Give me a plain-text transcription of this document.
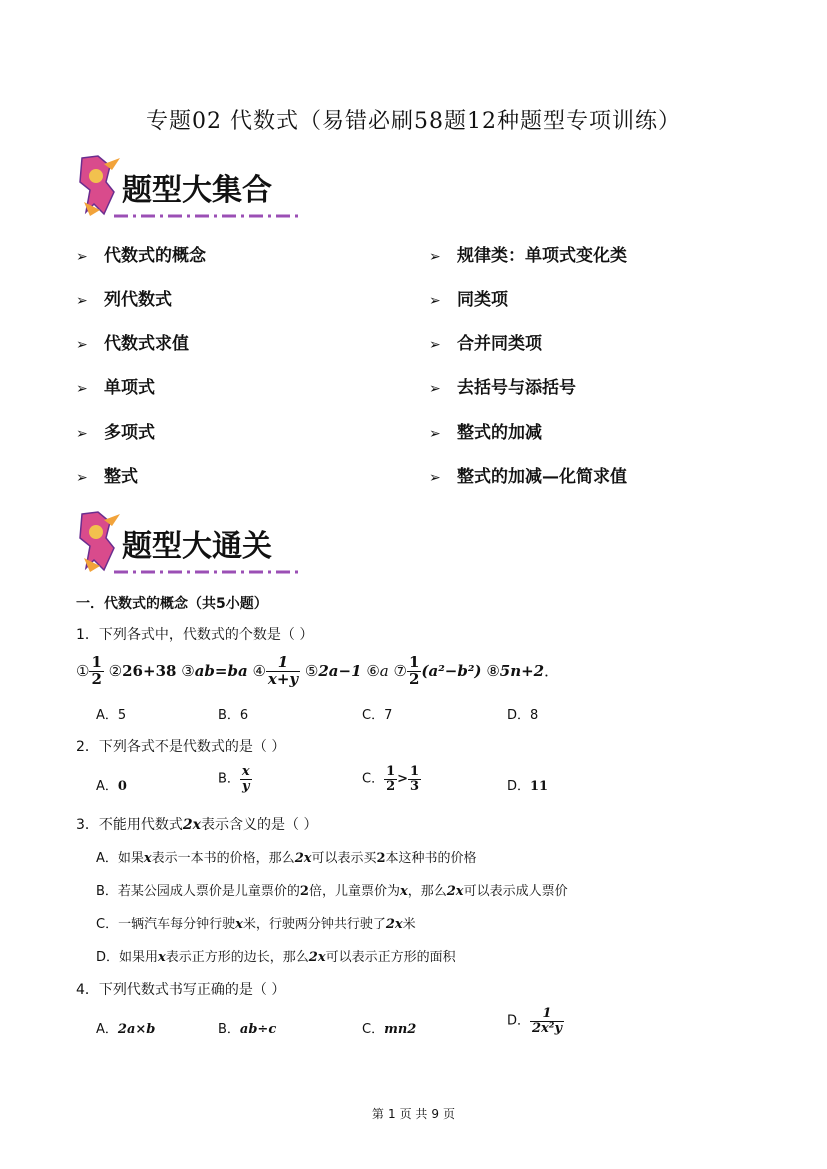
专题02 代数式（易错必刷58题12种题型专项训练）
题型大集合
➢ 代数式的概念
➢ 列代数式
➢ 代数式求值
➢ 单项式
➢ 多项式
➢ 整式
➢ 规律类：单项式变化类
➢ 同类项
➢ 合并同类项
➢ 去括号与添括号
➢ 整式的加减
➢ 整式的加减—化简求值
题型大通关
一．代数式的概念（共5小题）
1．下列各式中，代数式的个数是（ ）
① $\frac{1}{2}$ ②26+38 ③ab=ba ④ $\frac{1}{x+y}$ ⑤2a−1 ⑥a ⑦ $\frac{1}{2} (a^2-b^2)$ ⑧5n+2．
A．5	B．6	C．7	D．8
2．下列各式不是代数式的是（ ）
A．0	B． $\frac{x}{y}$	C． $\frac{1}{2} > \frac{1}{3}$	D．11
3．不能用代数式2x表示含义的是（ ）
A．如果x表示一本书的价格，那么2x可以表示买2本这种书的价格
B．若某公园成人票价是儿童票价的2倍，儿童票价为x，那么2x可以表示成人票价
C．一辆汽车每分钟行驶x米，行驶两分钟共行驶了2x米
D．如果用x表示正方形的边长，那么2x可以表示正方形的面积
4．下列代数式书写正确的是（ ）
A．2a×b	B．ab÷c	C．mn2
D． $\frac{1}{\text{2x²y}}$
第 1 页 共 9 页
